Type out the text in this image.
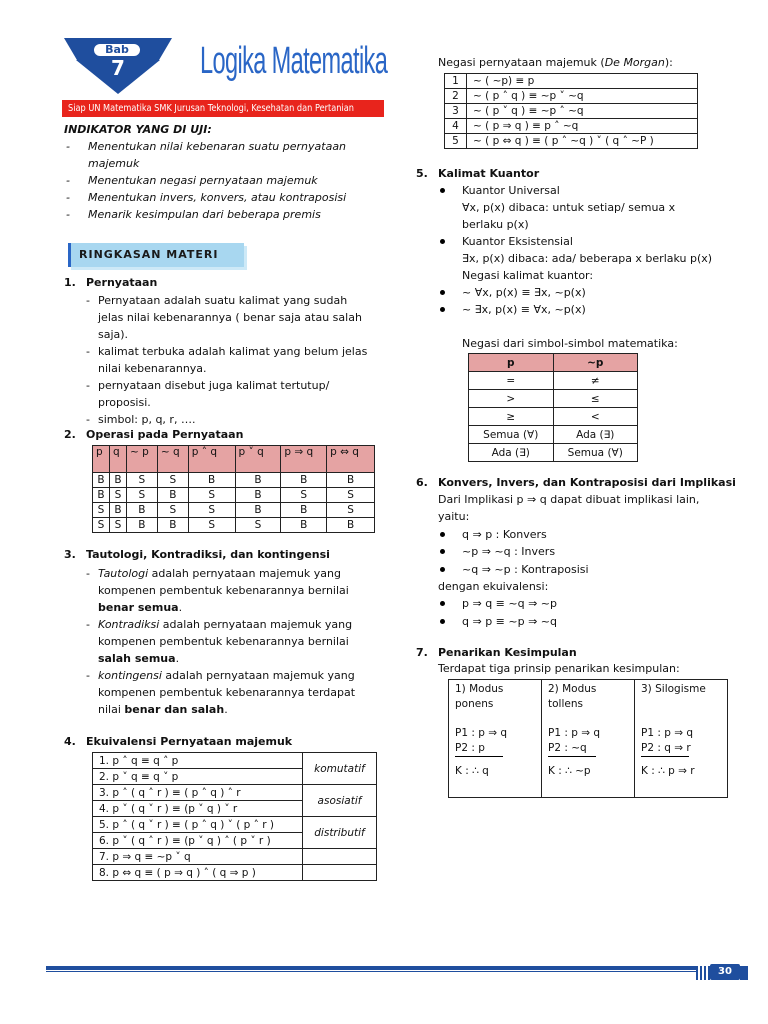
Bab
7	Logika Matematika
Siap UN Matematika SMK Jurusan Teknologi, Kesehatan dan Pertanian
INDIKATOR YANG DI UJI:
- Menentukan nilai kebenaran suatu pernyataan
majemuk
- Menentukan negasi pernyataan majemuk
- Menentukan invers, konvers, atau kontraposisi
- Menarik kesimpulan dari beberapa premis
RINGKASAN MATERI
1. Pernyataan
- Pernyataan adalah suatu kalimat yang sudah
jelas nilai kebenarannya ( benar saja atau salah
saja).
- kalimat terbuka adalah kalimat yang belum jelas
nilai kebenarannya.
- pernyataan disebut juga kalimat tertutup/
proposisi.
- simbol: p, q, r, ….
2. Operasi pada Pernyataan
p	q	~ p	~ q	p ˄ q	p ˅ q	p ⇒ q	p ⇔ q
B	B	S	S	B	B	B	B
B	S	S	B	S	B	S	S
S	B	B	S	S	B	B	S
S	S	B	B	S	S	B	B
3. Tautologi, Kontradiksi, dan kontingensi
- Tautologi adalah pernyataan majemuk yang
kompenen pembentuk kebenarannya bernilai
benar semua.
- Kontradiksi adalah pernyataan majemuk yang
kompenen pembentuk kebenarannya bernilai
salah semua.
- kontingensi adalah pernyataan majemuk yang
kompenen pembentuk kebenarannya terdapat
nilai benar dan salah.
4. Ekuivalensi Pernyataan majemuk
1. p ˄ q ≡ q ˄ p	komutatif
2. p ˅ q ≡ q ˅ p	
3. p ˄ ( q ˄ r ) ≡ ( p ˄ q ) ˄ r	asosiatif
4. p ˅ ( q ˅ r ) ≡ (p ˅ q ) ˅ r	
5. p ˄ ( q ˅ r ) ≡ ( p ˄ q ) ˅ ( p ˄ r )	distributif
6. p ˅ ( q ˄ r ) ≡ (p ˅ q ) ˄ ( p ˅ r )	
7. p ⇒ q ≡ ~p ˅ q	
8. p ⇔ q ≡ ( p ⇒ q ) ˄ ( q ⇒ p )	
Negasi pernyataan majemuk (De Morgan):
1	~ ( ~p) ≡ p
2	~ ( p ˄ q ) ≡ ~p ˅ ~q
3	~ ( p ˅ q ) ≡ ~p ˄ ~q
4	~ ( p ⇒ q ) ≡ p ˄ ~q
5	~ ( p ⇔ q ) ≡ ( p ˄ ~q ) ˅ ( q ˄ ~P )
5. Kalimat Kuantor
Kuantor Universal
∀x, p(x) dibaca: untuk setiap/ semua x
berlaku p(x)
Kuantor Eksistensial
∃x, p(x) dibaca: ada/ beberapa x berlaku p(x)
Negasi kalimat kuantor:
~ ∀x, p(x) ≡ ∃x, ~p(x)
~ ∃x, p(x) ≡ ∀x, ~p(x)
Negasi dari simbol-simbol matematika:
p	~p
=	≠
>	≤
≥	<
Semua (∀)	Ada (∃)
Ada (∃)	Semua (∀)
6. Konvers, Invers, dan Kontraposisi dari Implikasi
Dari Implikasi p ⇒ q dapat dibuat implikasi lain,
yaitu:
q ⇒ p : Konvers
~p ⇒ ~q : Invers
~q ⇒ ~p : Kontraposisi
dengan ekuivalensi:
p ⇒ q ≡ ~q ⇒ ~p
q ⇒ p ≡ ~p ⇒ ~q
7. Penarikan Kesimpulan
Terdapat tiga prinsip penarikan kesimpulan:
1) Modus
ponens
P1 : p ⇒ q
P2 : p
K : ∴ q

2) Modus
tollens
P1 : p ⇒ q
P2 : ~q
K : ∴ ~p

3) Silogisme
P1 : p ⇒ q
P2 : q ⇒ r
K : ∴ p ⇒ r
30
